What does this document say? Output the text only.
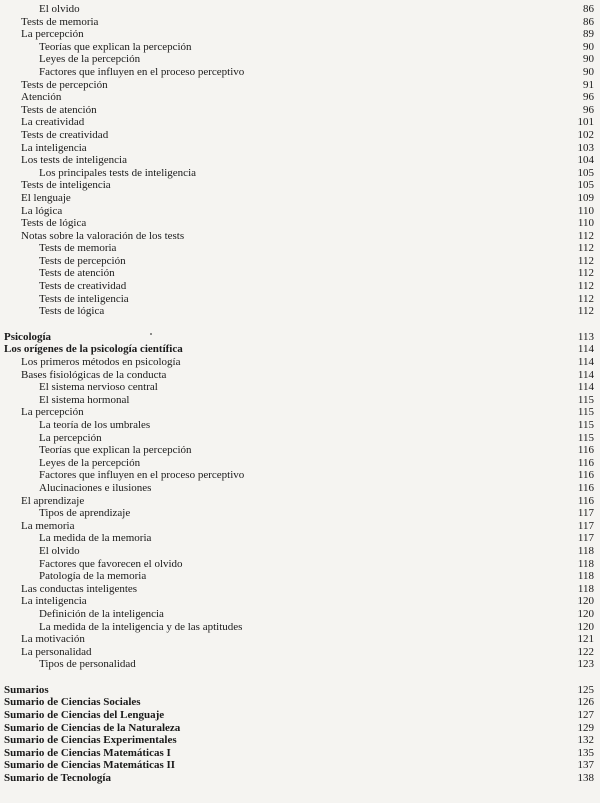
El olvido	86
Tests de memoria	86
La percepción	89
Teorías que explican la percepción	90
Leyes de la percepción	90
Factores que influyen en el proceso perceptivo	90
Tests de percepción	91
Atención	96
Tests de atención	96
La creatividad	101
Tests de creatividad	102
La inteligencia	103
Los tests de inteligencia	104
Los principales tests de inteligencia	105
Tests de inteligencia	105
El lenguaje	109
La lógica	110
Tests de lógica	110
Notas sobre la valoración de los tests	112
Tests de memoria	112
Tests de percepción	112
Tests de atención	112
Tests de creatividad	112
Tests de inteligencia	112
Tests de lógica	112
Psicología	113
Los orígenes de la psicología científica	114
Los primeros métodos en psicología	114
Bases fisiológicas de la conducta	114
El sistema nervioso central	114
El sistema hormonal	115
La percepción	115
La teoría de los umbrales	115
La percepción	115
Teorías que explican la percepción	116
Leyes de la percepción	116
Factores que influyen en el proceso perceptivo	116
Alucinaciones e ilusiones	116
El aprendizaje	116
Tipos de aprendizaje	117
La memoria	117
La medida de la memoria	117
El olvido	118
Factores que favorecen el olvido	118
Patología de la memoria	118
Las conductas inteligentes	118
La inteligencia	120
Definición de la inteligencia	120
La medida de la inteligencia y de las aptitudes	120
La motivación	121
La personalidad	122
Tipos de personalidad	123
Sumarios	125
Sumario de Ciencias Sociales	126
Sumario de Ciencias del Lenguaje	127
Sumario de Ciencias de la Naturaleza	129
Sumario de Ciencias Experimentales	132
Sumario de Ciencias Matemáticas I	135
Sumario de Ciencias Matemáticas II	137
Sumario de Tecnología	138
